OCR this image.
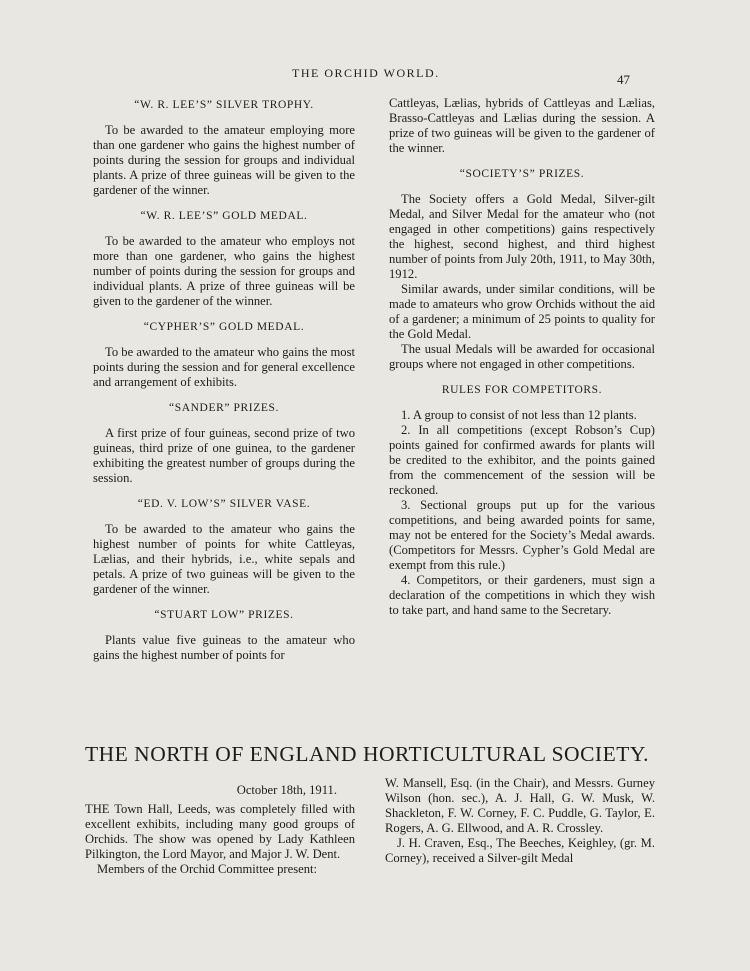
THE ORCHID WORLD.	47
“W. R. LEE’S” SILVER TROPHY.

To be awarded to the amateur employing more than one gardener who gains the highest number of points during the session for groups and individual plants. A prize of three guineas will be given to the gardener of the winner.

“W. R. LEE’S” GOLD MEDAL.

To be awarded to the amateur who employs not more than one gardener, who gains the highest number of points during the session for groups and individual plants. A prize of three guineas will be given to the gardener of the winner.

“CYPHER’S” GOLD MEDAL.

To be awarded to the amateur who gains the most points during the session and for general excellence and arrangement of exhibits.

“SANDER” PRIZES.

A first prize of four guineas, second prize of two guineas, third prize of one guinea, to the gardener exhibiting the greatest number of groups during the session.

“ED. V. LOW’S” SILVER VASE.

To be awarded to the amateur who gains the highest number of points for white Cattleyas, Lælias, and their hybrids, i.e., white sepals and petals. A prize of two guineas will be given to the gardener of the winner.

“STUART LOW” PRIZES.

Plants value five guineas to the amateur who gains the highest number of points for

Cattleyas, Lælias, hybrids of Cattleyas and Lælias, Brasso-Cattleyas and Lælias during the session. A prize of two guineas will be given to the gardener of the winner.

“SOCIETY’S” PRIZES.

The Society offers a Gold Medal, Silver-gilt Medal, and Silver Medal for the amateur who (not engaged in other competitions) gains respectively the highest, second highest, and third highest number of points from July 20th, 1911, to May 30th, 1912.

Similar awards, under similar conditions, will be made to amateurs who grow Orchids without the aid of a gardener; a minimum of 25 points to quality for the Gold Medal.

The usual Medals will be awarded for occasional groups where not engaged in other competitions.

RULES FOR COMPETITORS.

1. A group to consist of not less than 12 plants.

2. In all competitions (except Robson’s Cup) points gained for confirmed awards for plants will be credited to the exhibitor, and the points gained from the commencement of the session will be reckoned.

3. Sectional groups put up for the various competitions, and being awarded points for same, may not be entered for the Society’s Medal awards. (Competitors for Messrs. Cypher’s Gold Medal are exempt from this rule.)

4. Competitors, or their gardeners, must sign a declaration of the competitions in which they wish to take part, and hand same to the Secretary.

THE NORTH OF ENGLAND HORTICULTURAL SOCIETY.

October 18th, 1911.

THE Town Hall, Leeds, was completely filled with excellent exhibits, including many good groups of Orchids. The show was opened by Lady Kathleen Pilkington, the Lord Mayor, and Major J. W. Dent.

Members of the Orchid Committee present:

W. Mansell, Esq. (in the Chair), and Messrs. Gurney Wilson (hon. sec.), A. J. Hall, G. W. Musk, W. Shackleton, F. W. Corney, F. C. Puddle, G. Taylor, E. Rogers, A. G. Ellwood, and A. R. Crossley.

J. H. Craven, Esq., The Beeches, Keighley, (gr. M. Corney), received a Silver-gilt Medal
